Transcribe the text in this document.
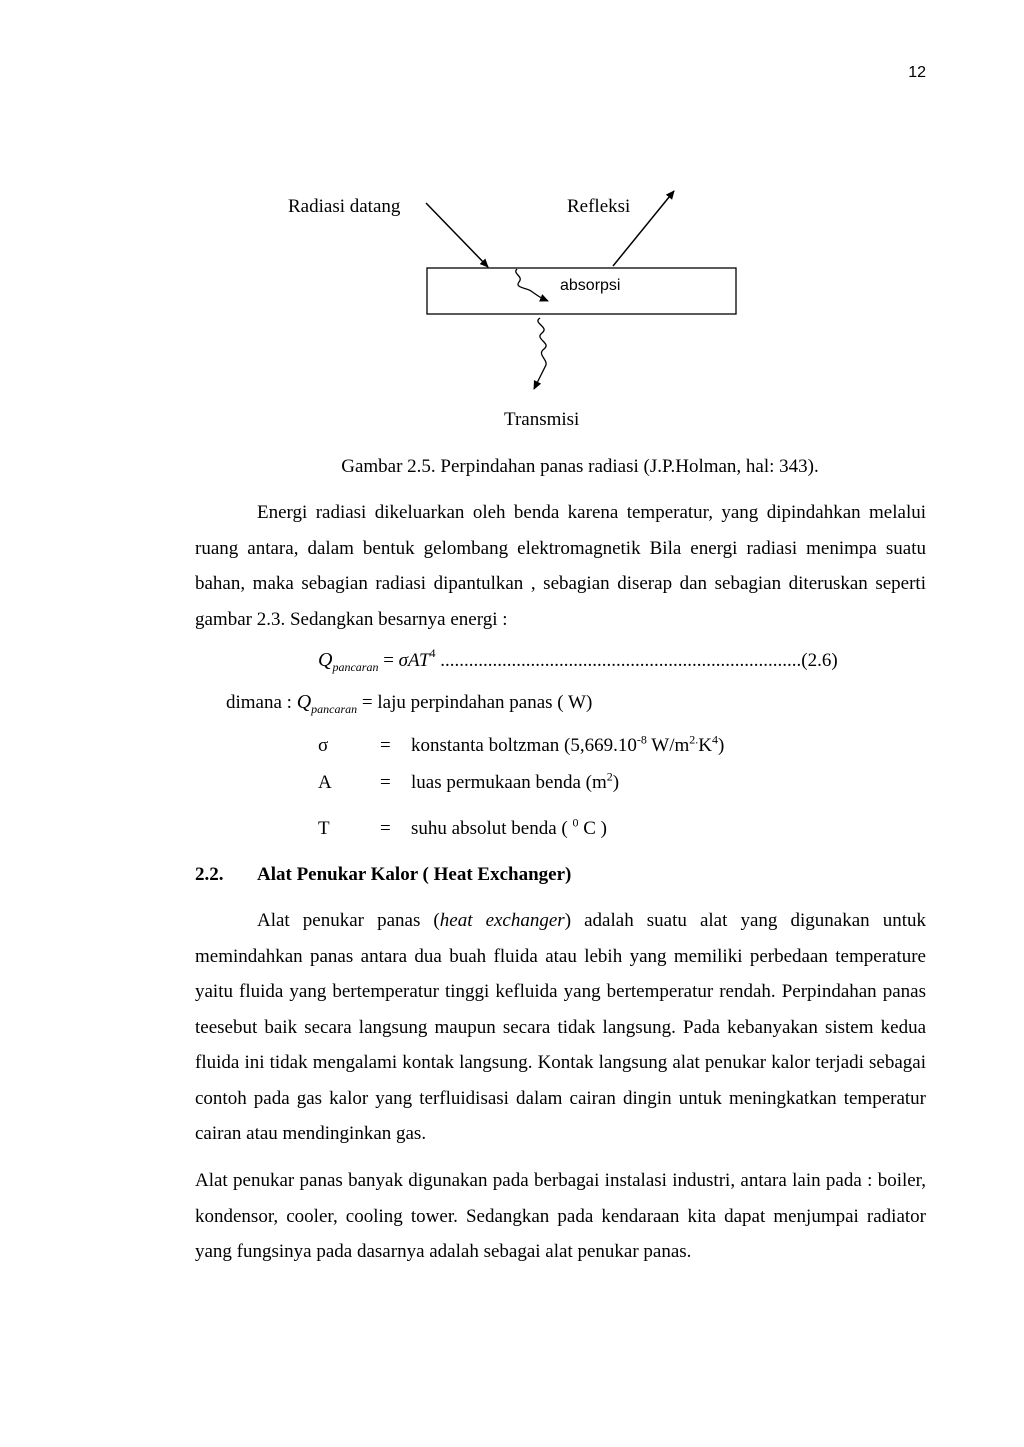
12
Radiasi datang	Refleksi
absorpsi
Transmisi
Gambar 2.5. Perpindahan panas radiasi (J.P.Holman, hal: 343).

Energi radiasi dikeluarkan oleh benda karena temperatur, yang dipindahkan melalui ruang antara, dalam bentuk gelombang elektromagnetik Bila energi radiasi menimpa suatu bahan, maka sebagian radiasi dipantulkan , sebagian diserap dan sebagian diteruskan seperti gambar 2.3. Sedangkan besarnya energi :

$Q_{pancaran} = \sigma AT^4$ ............................................................................(2.6)
dimana : $Q_{pancaran}$ = laju perpindahan panas ( W)
σ	= konstanta boltzman ($5,669.10^{-8}$ $W/m^{2.}K^4$)
A	= luas permukaan benda $(m^2)$
T	= suhu absolut benda ( $^0$ C )
2.2. Alat Penukar Kalor ( Heat Exchanger)

Alat penukar panas (heat exchanger) adalah suatu alat yang digunakan untuk memindahkan panas antara dua buah fluida atau lebih yang memiliki perbedaan temperature yaitu fluida yang bertemperatur tinggi kefluida yang bertemperatur rendah. Perpindahan panas teesebut baik secara langsung maupun secara tidak langsung. Pada kebanyakan sistem kedua fluida ini tidak mengalami kontak langsung. Kontak langsung alat penukar kalor terjadi sebagai contoh pada gas kalor yang terfluidisasi dalam cairan dingin untuk meningkatkan temperatur cairan atau mendinginkan gas.

Alat penukar panas banyak digunakan pada berbagai instalasi industri, antara lain pada : boiler, kondensor, cooler, cooling tower. Sedangkan pada kendaraan kita dapat menjumpai radiator yang fungsinya pada dasarnya adalah sebagai alat penukar panas.
